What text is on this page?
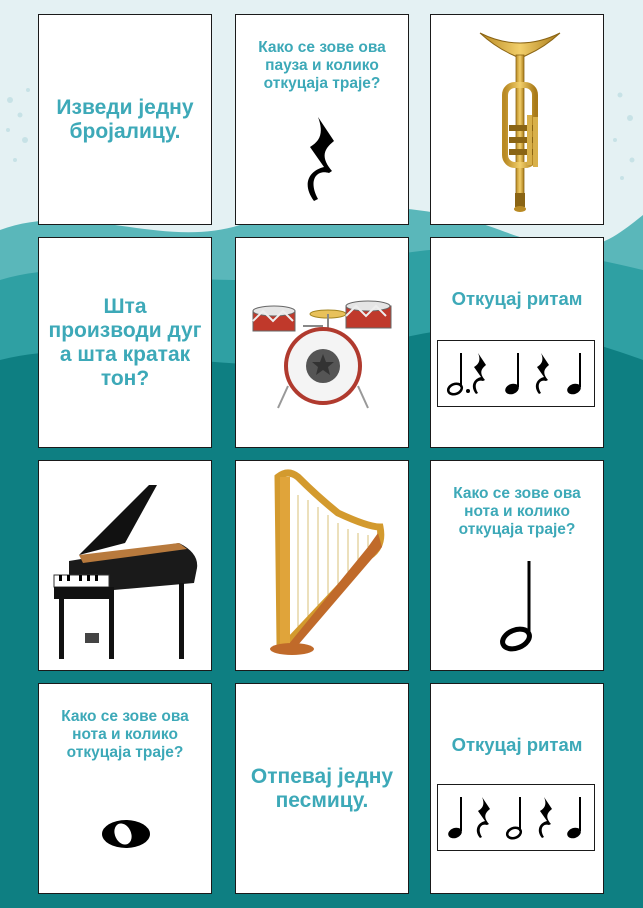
Изведи једну бројалицу.
Како се зове ова пауза и колико откуцаја траје?
Шта производи дуг а шта кратак тон?
Откуцај ритам
Како се зове ова нота и колико откуцаја траје?
Како се зове ова нота и колико откуцаја траје?
Отпевај једну песмицу.
Откуцај ритам
